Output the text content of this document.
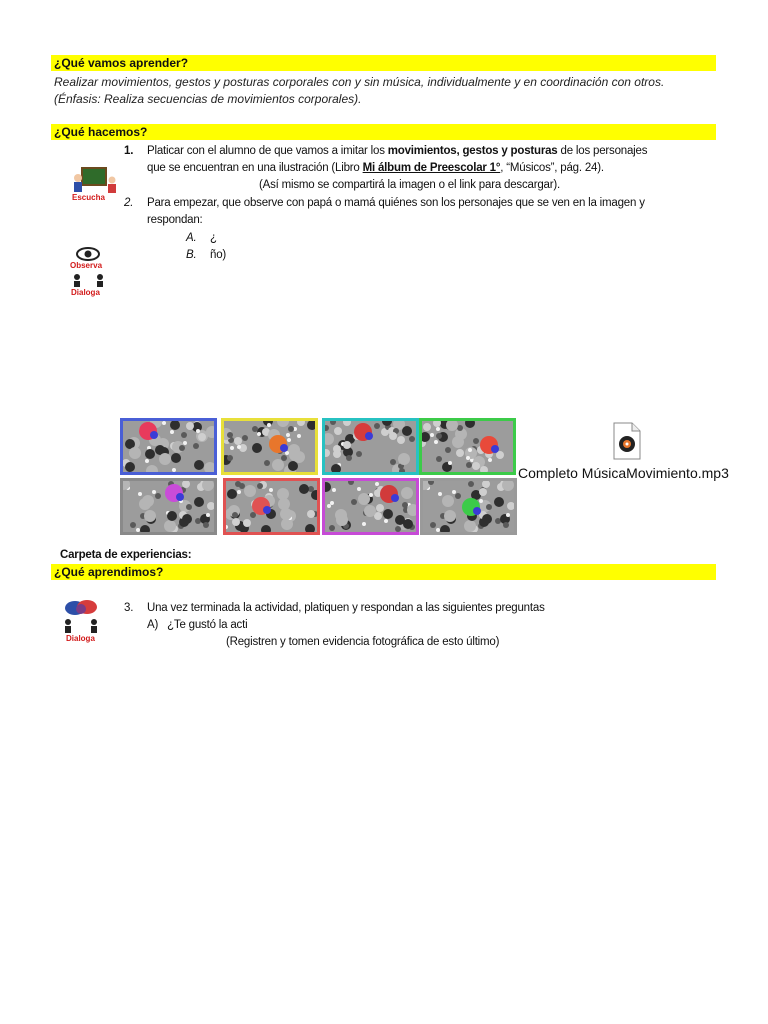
¿Qué vamos aprender?
Realizar movimientos, gestos y posturas corporales con y sin música, individualmente y en coordinación con otros.
(Énfasis: Realiza secuencias de movimientos corporales).
¿Qué hacemos?
Escucha
Observa
Dialoga
1. Platicar con el alumno de que vamos a imitar los movimientos, gestos y posturas de los personajes
que se encuentran en una ilustración (Libro Mi álbum de Preescolar 1°, “Músicos”, pág. 24).
(Así mismo se compartirá la imagen o el link para descargar).
2. Para empezar, que observe con papá o mamá quiénes son los personajes que se ven en la imagen y
respondan:
A. ¿
B. ño)
Completo MúsicaMovimiento.mp3
Carpeta de experiencias:
¿Qué aprendimos?
Dialoga
3. Una vez terminada la actividad, platiquen y respondan a las siguientes preguntas
A)   ¿Te gustó la acti
(Registren y tomen evidencia fotográfica de esto último)
